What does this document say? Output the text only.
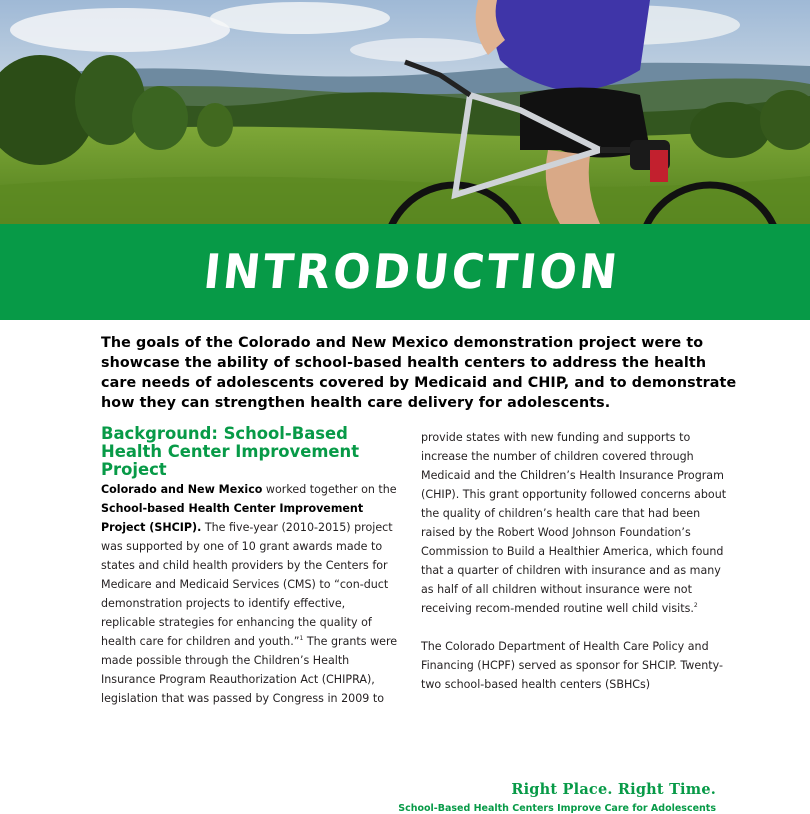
INTRODUCTION

The goals of the Colorado and New Mexico demonstration project were to showcase the ability of school-based health centers to address the health care needs of adolescents covered by Medicaid and CHIP, and to demonstrate how they can strengthen health care delivery for adolescents.

Background: School-Based Health Center Improvement Project

Colorado and New Mexico worked together on the School-based Health Center Improvement Project (SHCIP). The five-year (2010-2015) project was supported by one of 10 grant awards made to states and child health providers by the Centers for Medicare and Medicaid Services (CMS) to “con-duct demonstration projects to identify effective, replicable strategies for enhancing the quality of health care for children and youth.”$^1$ The grants were made possible through the Children’s Health Insurance Program Reauthorization Act (CHIPRA), legislation that was passed by Congress in 2009 to

provide states with new funding and supports to increase the number of children covered through Medicaid and the Children’s Health Insurance Program (CHIP). This grant opportunity followed concerns about the quality of children’s health care that had been raised by the Robert Wood Johnson Foundation’s Commission to Build a Healthier America, which found that a quarter of children with insurance and as many as half of all children without insurance were not receiving recom-mended routine well child visits.$^2$

The Colorado Department of Health Care Policy and Financing (HCPF) served as sponsor for SHCIP. Twenty-two school-based health centers (SBHCs)

Right Place. Right Time.
School-Based Health Centers Improve Care for Adolescents
